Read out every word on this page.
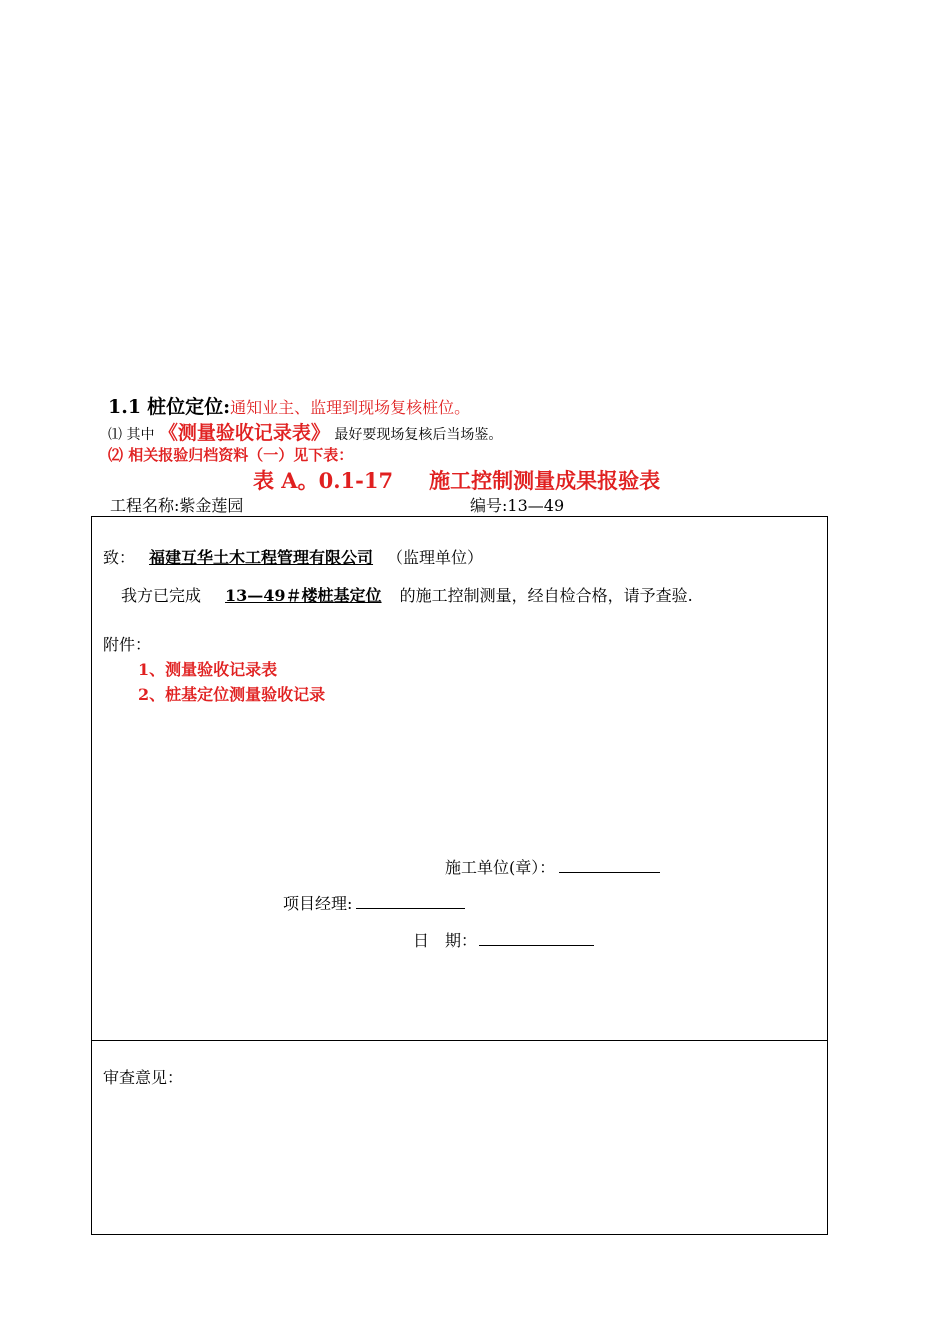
1.1 桩位定位:通知业主、监理到现场复核桩位。
⑴ 其中 《测量验收记录表》 最好要现场复核后当场鉴。
⑵ 相关报验归档资料（一）见下表：
表 A。0.1-17 施工控制测量成果报验表
工程名称:紫金莲园	编号:13—49
致： 福建互华土木工程管理有限公司 （监理单位）
我方已完成 13—49＃楼桩基定位 的施工控制测量，经自检合格，请予查验.
附件：
1、测量验收记录表
2、桩基定位测量验收记录
施工单位(章）：
项目经理:
日　期：
审查意见：
